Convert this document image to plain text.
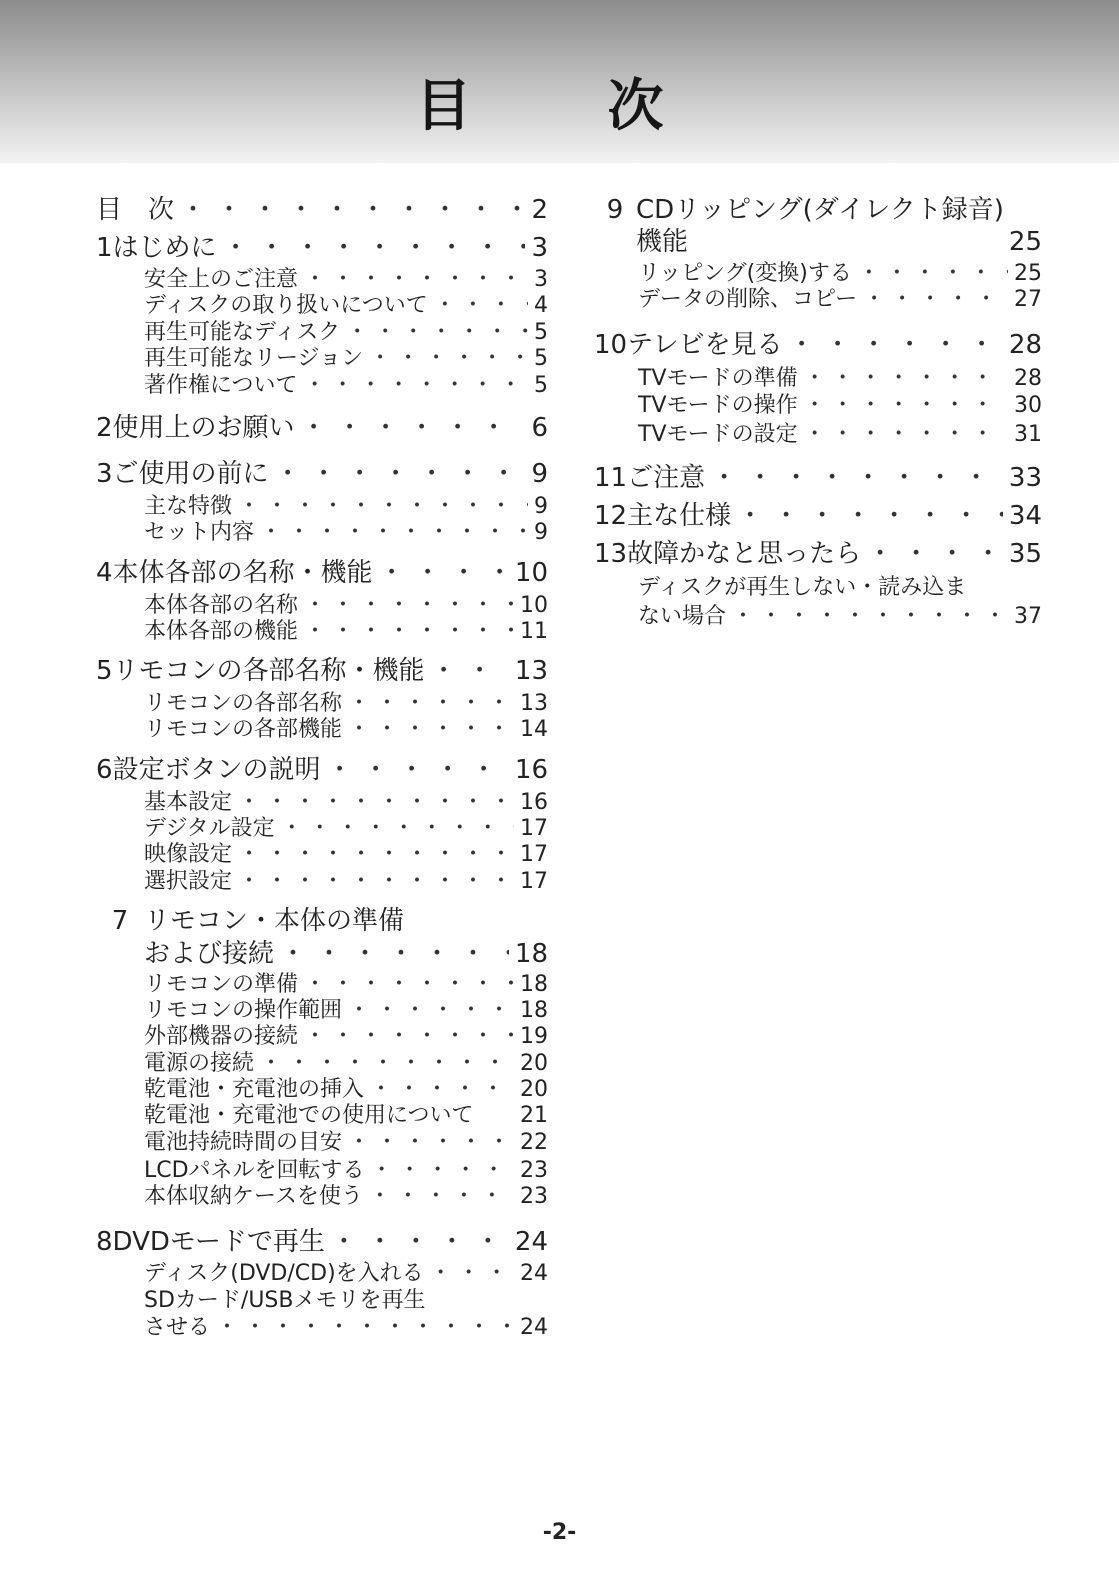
目　次
目　次 ・・・・・・・・・・・・・・・・・・・・・・・・・・・・・・・・・・・・・・・・	2
1 はじめに ・・・・・・・・・・・・・・・・・・・・・・・・・・・・・・・・・・・・・・・・	3
安全上のご注意 ・・・・・・・・・・・・・・・・・・・・・・・・・・・・・・・・・・・・・・・・	3
ディスクの取り扱いについて ・・・・・・・・・・・・・・・・・・・・・・・・・・・・・・・・・・・・・・・・	4
再生可能なディスク ・・・・・・・・・・・・・・・・・・・・・・・・・・・・・・・・・・・・・・・・	5
再生可能なリージョン ・・・・・・・・・・・・・・・・・・・・・・・・・・・・・・・・・・・・・・・・	5
著作権について ・・・・・・・・・・・・・・・・・・・・・・・・・・・・・・・・・・・・・・・・	5
2 使用上のお願い ・・・・・・・・・・・・・・・・・・・・・・・・・・・・・・・・・・・・・・・・	6
3 ご使用の前に ・・・・・・・・・・・・・・・・・・・・・・・・・・・・・・・・・・・・・・・・	9
主な特徴 ・・・・・・・・・・・・・・・・・・・・・・・・・・・・・・・・・・・・・・・・	9
セット内容 ・・・・・・・・・・・・・・・・・・・・・・・・・・・・・・・・・・・・・・・・	9
4 本体各部の名称・機能 ・・・・・・・・・・・・・・・・・・・・・・・・・・・・・・・・・・・・・・・・	10
本体各部の名称 ・・・・・・・・・・・・・・・・・・・・・・・・・・・・・・・・・・・・・・・・	10
本体各部の機能 ・・・・・・・・・・・・・・・・・・・・・・・・・・・・・・・・・・・・・・・・	11
5 リモコンの各部名称・機能 ・・・・・・・・・・・・・・・・・・・・・・・・・・・・・・・・・・・・・・・・	13
リモコンの各部名称 ・・・・・・・・・・・・・・・・・・・・・・・・・・・・・・・・・・・・・・・・	13
リモコンの各部機能 ・・・・・・・・・・・・・・・・・・・・・・・・・・・・・・・・・・・・・・・・	14
6 設定ボタンの説明 ・・・・・・・・・・・・・・・・・・・・・・・・・・・・・・・・・・・・・・・・	16
基本設定 ・・・・・・・・・・・・・・・・・・・・・・・・・・・・・・・・・・・・・・・・	16
デジタル設定 ・・・・・・・・・・・・・・・・・・・・・・・・・・・・・・・・・・・・・・・・	17
映像設定 ・・・・・・・・・・・・・・・・・・・・・・・・・・・・・・・・・・・・・・・・	17
選択設定 ・・・・・・・・・・・・・・・・・・・・・・・・・・・・・・・・・・・・・・・・	17
7 リモコン・本体の準備
および接続 ・・・・・・・・・・・・・・・・・・・・・・・・・・・・・・・・・・・・・・・・	18
リモコンの準備 ・・・・・・・・・・・・・・・・・・・・・・・・・・・・・・・・・・・・・・・・	18
リモコンの操作範囲 ・・・・・・・・・・・・・・・・・・・・・・・・・・・・・・・・・・・・・・・・	18
外部機器の接続 ・・・・・・・・・・・・・・・・・・・・・・・・・・・・・・・・・・・・・・・・	19
電源の接続 ・・・・・・・・・・・・・・・・・・・・・・・・・・・・・・・・・・・・・・・・	20
乾電池・充電池の挿入 ・・・・・・・・・・・・・・・・・・・・・・・・・・・・・・・・・・・・・・・・	20
乾電池・充電池での使用について 21
電池持続時間の目安 ・・・・・・・・・・・・・・・・・・・・・・・・・・・・・・・・・・・・・・・・	22
LCDパネルを回転する ・・・・・・・・・・・・・・・・・・・・・・・・・・・・・・・・・・・・・・・・	23
本体収納ケースを使う ・・・・・・・・・・・・・・・・・・・・・・・・・・・・・・・・・・・・・・・・	23
8 DVDモードで再生 ・・・・・・・・・・・・・・・・・・・・・・・・・・・・・・・・・・・・・・・・	24
ディスク(DVD/CD)を入れる ・・・・・・・・・・・・・・・・・・・・・・・・・・・・・・・・・・・・・・・・	24
SDカード/USBメモリを再生
させる ・・・・・・・・・・・・・・・・・・・・・・・・・・・・・・・・・・・・・・・・	24
9 CDリッピング(ダイレクト録音)
機能	25
リッピング(変換)する ・・・・・・・・・・・・・・・・・・・・・・・・・・・・・・・・・・・・・・・・	25
データの削除、コピー ・・・・・・・・・・・・・・・・・・・・・・・・・・・・・・・・・・・・・・・・	27
10 テレビを見る ・・・・・・・・・・・・・・・・・・・・・・・・・・・・・・・・・・・・・・・・	28
TVモードの準備 ・・・・・・・・・・・・・・・・・・・・・・・・・・・・・・・・・・・・・・・・	28
TVモードの操作 ・・・・・・・・・・・・・・・・・・・・・・・・・・・・・・・・・・・・・・・・	30
TVモードの設定 ・・・・・・・・・・・・・・・・・・・・・・・・・・・・・・・・・・・・・・・・	31
11 ご注意 ・・・・・・・・・・・・・・・・・・・・・・・・・・・・・・・・・・・・・・・・	33
12 主な仕様 ・・・・・・・・・・・・・・・・・・・・・・・・・・・・・・・・・・・・・・・・	34
13 故障かなと思ったら ・・・・・・・・・・・・・・・・・・・・・・・・・・・・・・・・・・・・・・・・	35
ディスクが再生しない・読み込ま
ない場合 ・・・・・・・・・・・・・・・・・・・・・・・・・・・・・・・・・・・・・・・・	37
-2-
